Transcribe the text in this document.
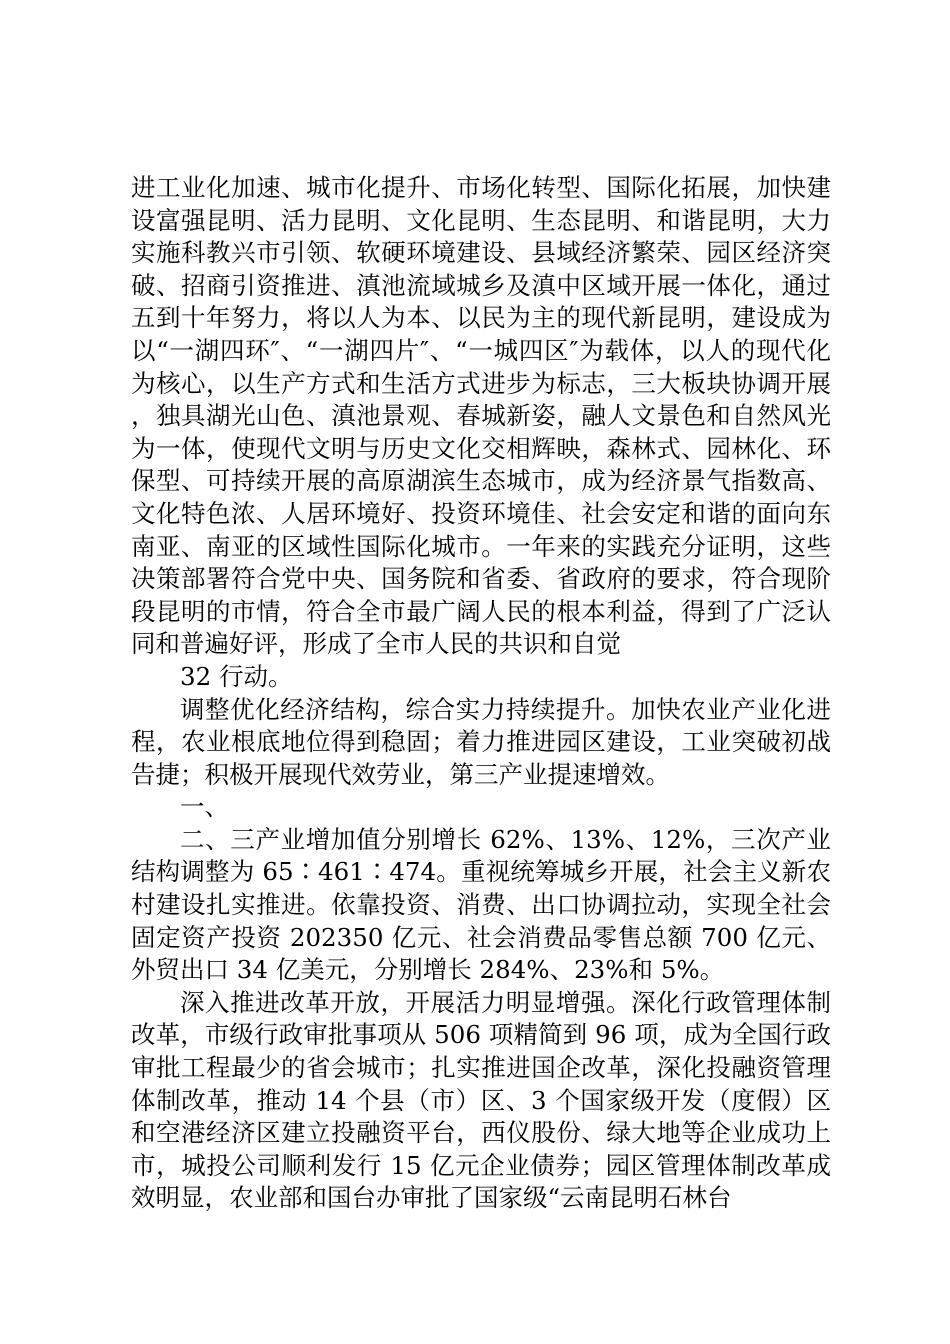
进工业化加速、城市化提升、市场化转型、国际化拓展，加快建设富强昆明、活力昆明、文化昆明、生态昆明、和谐昆明，大力实施科教兴市引领、软硬环境建设、县域经济繁荣、园区经济突破、招商引资推进、滇池流域城乡及滇中区域开展一体化，通过五到十年努力，将以人为本、以民为主的现代新昆明，建设成为以“一湖四环″、“一湖四片″、“一城四区″为载体，以人的现代化为核心，以生产方式和生活方式进步为标志，三大板块协调开展，独具湖光山色、滇池景观、春城新姿，融人文景色和自然风光为一体，使现代文明与历史文化交相辉映，森林式、园林化、环保型、可持续开展的高原湖滨生态城市，成为经济景气指数高、文化特色浓、人居环境好、投资环境佳、社会安定和谐的面向东南亚、南亚的区域性国际化城市。一年来的实践充分证明，这些决策部署符合党中央、国务院和省委、省政府的要求，符合现阶段昆明的市情，符合全市最广阔人民的根本利益，得到了广泛认同和普遍好评，形成了全市人民的共识和自觉

32 行动。

调整优化经济结构，综合实力持续提升。加快农业产业化进程，农业根底地位得到稳固；着力推进园区建设，工业突破初战告捷；积极开展现代效劳业，第三产业提速增效。

一、

二、三产业增加值分别增长 62%、13%、12%，三次产业结构调整为 65∶461∶474。重视统筹城乡开展，社会主义新农村建设扎实推进。依靠投资、消费、出口协调拉动，实现全社会固定资产投资 202350 亿元、社会消费品零售总额 700 亿元、外贸出口 34 亿美元，分别增长 284%、23%和 5%。

深入推进改革开放，开展活力明显增强。深化行政管理体制改革，市级行政审批事项从 506 项精简到 96 项，成为全国行政审批工程最少的省会城市；扎实推进国企改革，深化投融资管理体制改革，推动 14 个县（市）区、3 个国家级开发（度假）区和空港经济区建立投融资平台，西仪股份、绿大地等企业成功上市，城投公司顺利发行 15 亿元企业债券；园区管理体制改革成效明显，农业部和国台办审批了国家级“云南昆明石林台
